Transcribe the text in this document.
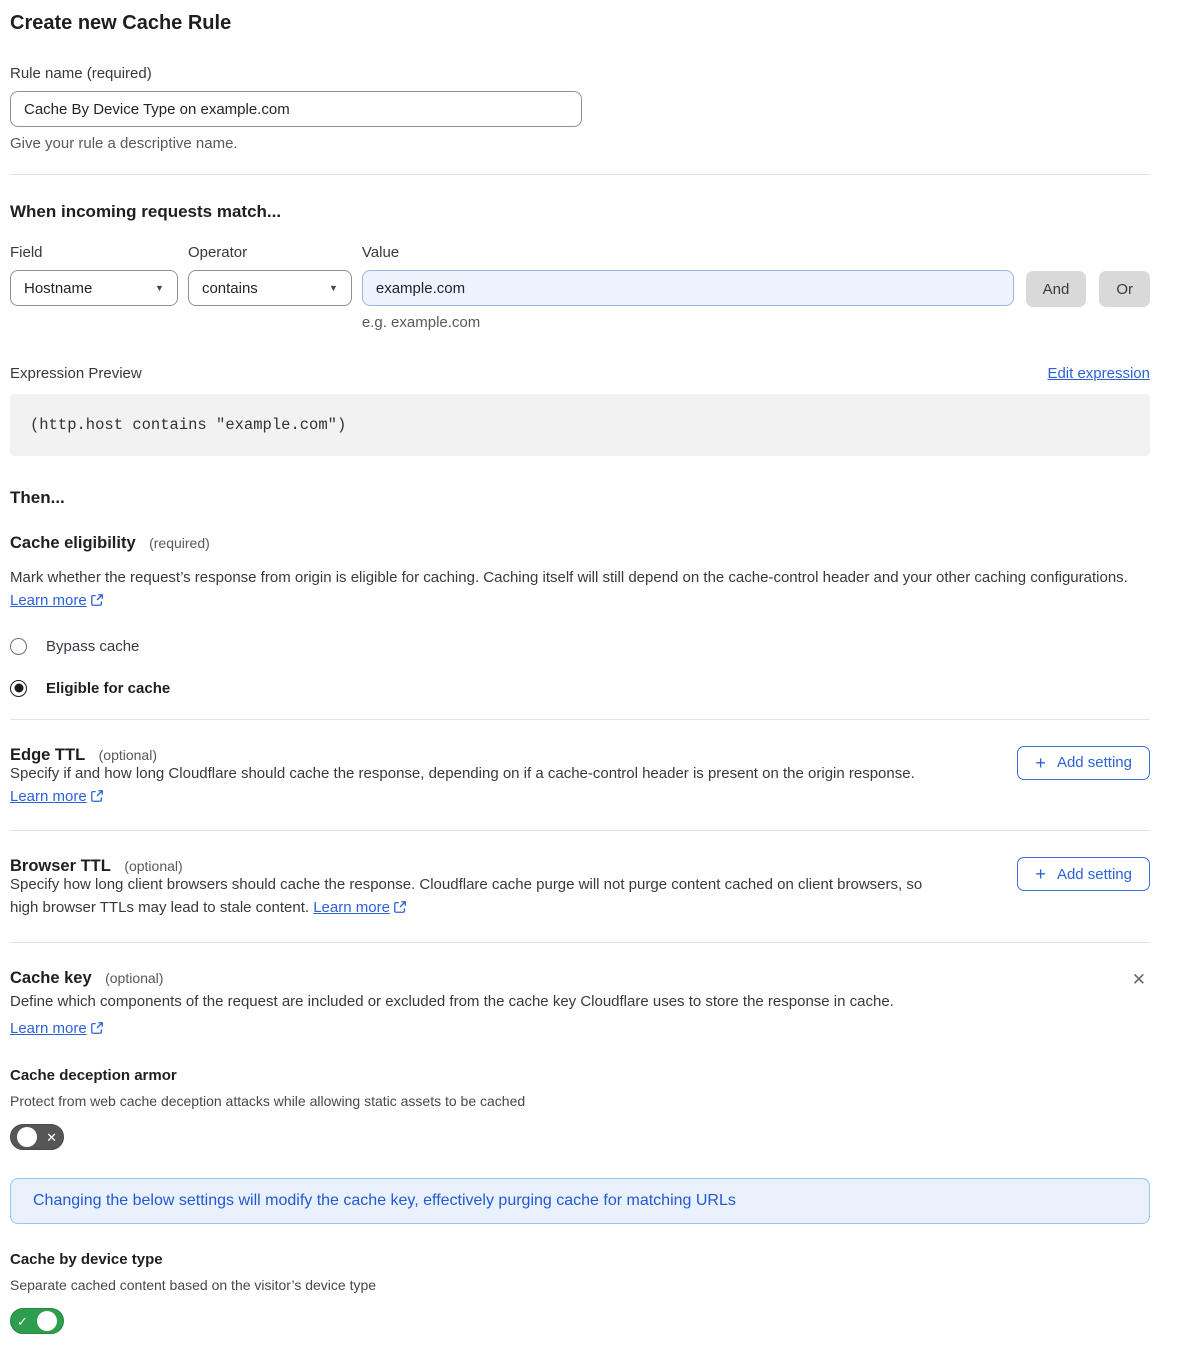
Create new Cache Rule
Rule name (required)
Cache By Device Type on example.com
Give your rule a descriptive name.
When incoming requests match...
Field
Hostname	▼
Operator
contains	▼
Value
example.com
e.g. example.com
And	Or
Expression Preview	Edit expression
(http.host contains "example.com")
Then...
Cache eligibility (required)

Mark whether the request’s response from origin is eligible for caching. Caching itself will still depend on the cache-control header and your other caching configurations. Learn more

Bypass cache
Eligible for cache
Edge TTL (optional)	+ Add setting

Specify if and how long Cloudflare should cache the response, depending on if a cache-control header is present on the origin response. Learn more

Browser TTL (optional)	+ Add setting

Specify how long client browsers should cache the response. Cloudflare cache purge will not purge content cached on client browsers, so high browser TTLs may lead to stale content. Learn more

Cache key (optional)	✕

Define which components of the request are included or excluded from the cache key Cloudflare uses to store the response in cache.

Learn more
Cache deception armor
Protect from web cache deception attacks while allowing static assets to be cached
✕
Changing the below settings will modify the cache key, effectively purging cache for matching URLs
Cache by device type
Separate cached content based on the visitor’s device type
✓
